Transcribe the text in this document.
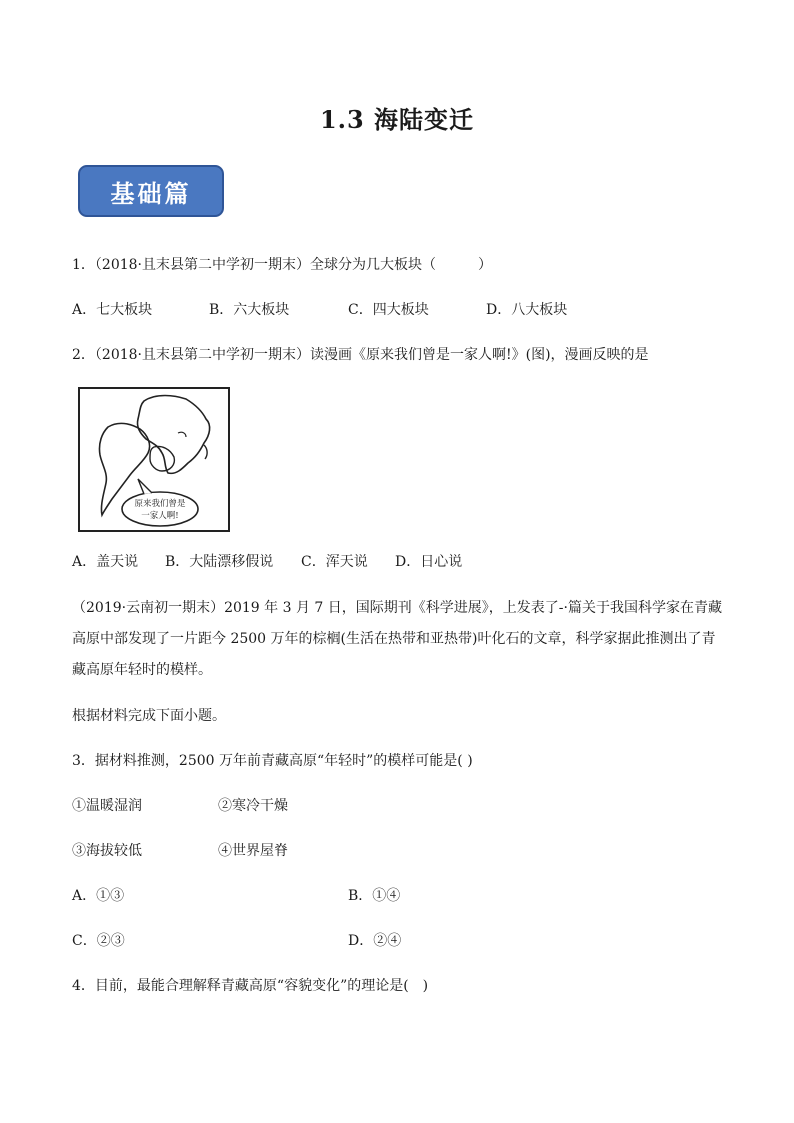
1.3 海陆变迁
基础篇
1．（2018·且末县第二中学初一期末）全球分为几大板块（　　　）
A．七大板块	B．六大板块	C．四大板块	D．八大板块
2．（2018·且末县第二中学初一期末）读漫画《原来我们曾是一家人啊!》(图)，漫画反映的是
原来我们曾是
一家人啊!
A．盖天说 B．大陆漂移假说 C．浑天说 D．日心说
（2019·云南初一期末）2019 年 3 月 7 日，国际期刊《科学进展》，上发表了-·篇关于我国科学家在青藏高原中部发现了一片距今 2500 万年的棕榈(生活在热带和亚热带)叶化石的文章，科学家据此推测出了青藏高原年轻时的模样。
根据材料完成下面小题。
3．据材料推测，2500 万年前青藏高原“年轻时”的模样可能是( )
①温暖湿润	②寒冷干燥
③海拔较低	④世界屋脊
A．①③	B．①④
C．②③	D．②④
4．目前，最能合理解释青藏高原“容貌变化”的理论是(　)
